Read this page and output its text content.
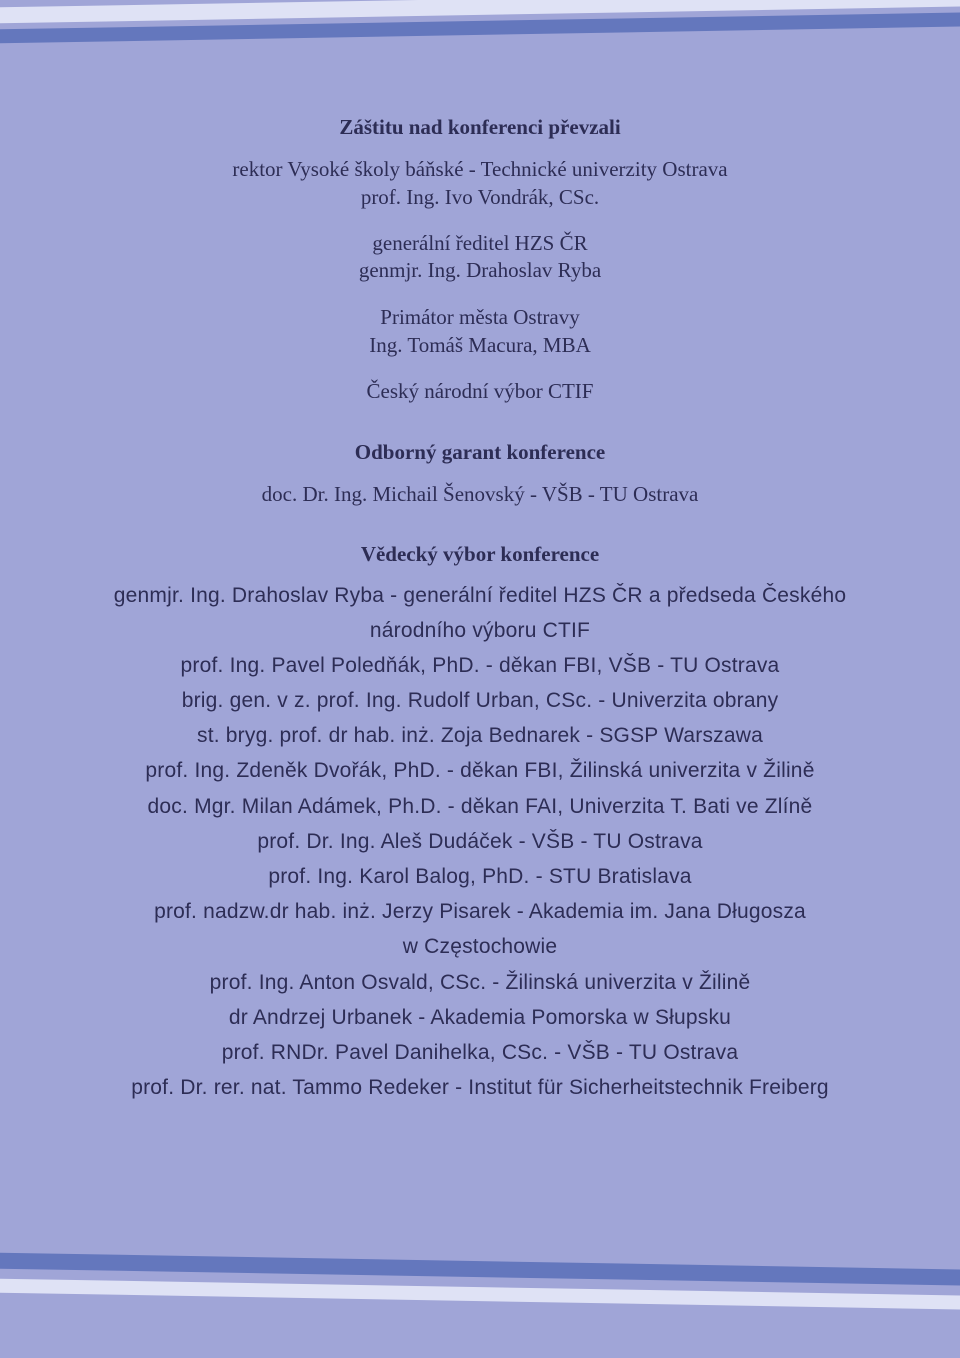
Záštitu nad konferenci převzali
rektor Vysoké školy báňské - Technické univerzity Ostrava
prof. Ing. Ivo Vondrák, CSc.
generální ředitel HZS ČR
genmjr. Ing. Drahoslav Ryba
Primátor města Ostravy
Ing. Tomáš Macura, MBA
Český národní výbor CTIF
Odborný garant konference
doc. Dr. Ing. Michail Šenovský - VŠB - TU Ostrava
Vědecký výbor konference
genmjr. Ing. Drahoslav Ryba - generální ředitel HZS ČR a předseda Českého
národního výboru CTIF
prof. Ing. Pavel Poledňák, PhD. - děkan FBI, VŠB - TU Ostrava
brig. gen. v z. prof. Ing. Rudolf Urban, CSc. - Univerzita obrany
st. bryg. prof. dr hab. inż. Zoja Bednarek - SGSP Warszawa
prof. Ing. Zdeněk Dvořák, PhD. - děkan FBI, Žilinská univerzita v Žilině
doc. Mgr. Milan Adámek, Ph.D. - děkan FAI, Univerzita T. Bati ve Zlíně
prof. Dr. Ing. Aleš Dudáček - VŠB - TU Ostrava
prof. Ing. Karol Balog, PhD. - STU Bratislava
prof. nadzw.dr hab. inż. Jerzy Pisarek - Akademia im. Jana Długosza
w Częstochowie
prof. Ing. Anton Osvald, CSc. - Žilinská univerzita v Žilině
dr Andrzej Urbanek - Akademia Pomorska w Słupsku
prof. RNDr. Pavel Danihelka, CSc. - VŠB - TU Ostrava
prof. Dr. rer. nat. Tammo Redeker - Institut für Sicherheitstechnik Freiberg
